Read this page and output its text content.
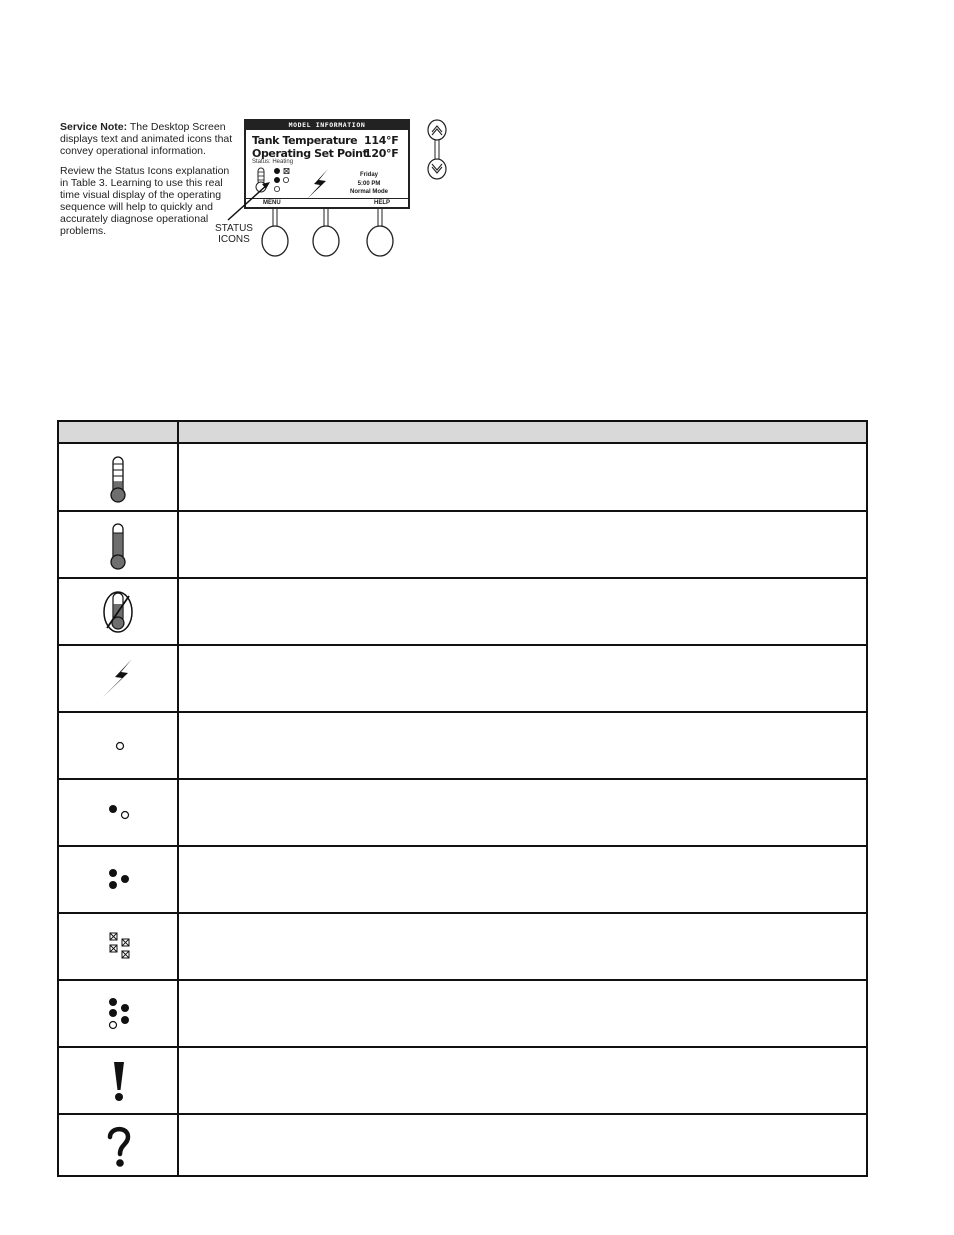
Service Note: The Desktop Screen displays text and animated icons that convey operational information.

Review the Status Icons explanation in Table 3. Learning to use this real time visual display of the operating sequence will help to quickly and accurately diagnose operational problems.

MODEL INFORMATION
Tank Temperature 114°F
Operating Set Point
120°F
Status: Heating
Friday
5:00 PM
Normal Mode
MENU	HELP
STATUS
ICONS
